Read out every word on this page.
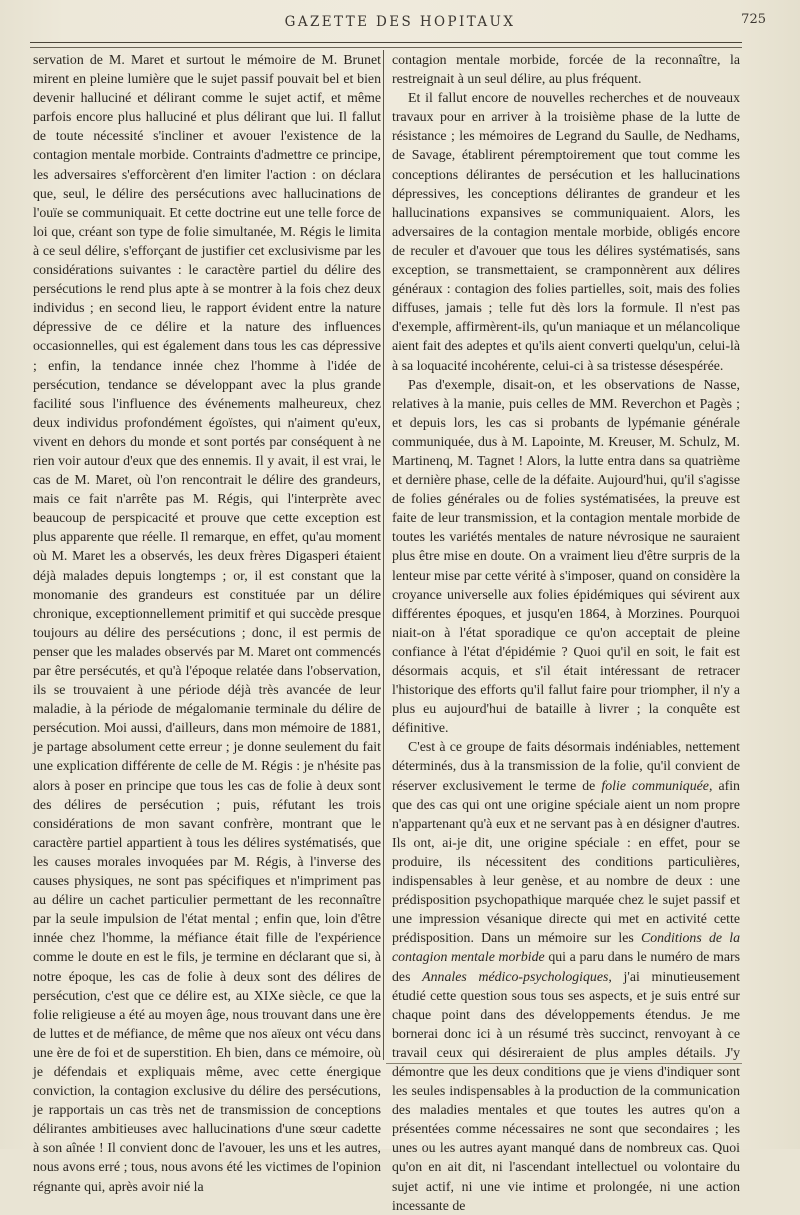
GAZETTE DES HOPITAUX	725

servation de M. Maret et surtout le mémoire de M. Brunet mirent en pleine lumière que le sujet passif pouvait bel et bien devenir halluciné et délirant comme le sujet actif, et même parfois encore plus halluciné et plus délirant que lui. Il fallut de toute nécessité s'incliner et avouer l'existence de la contagion mentale morbide. Contraints d'admettre ce principe, les adversaires s'efforcèrent d'en limiter l'action : on déclara que, seul, le délire des persécutions avec hallucinations de l'ouïe se communiquait. Et cette doctrine eut une telle force de loi que, créant son type de folie simultanée, M. Régis le limita à ce seul délire, s'efforçant de justifier cet exclusivisme par les considérations suivantes : le caractère partiel du délire des persécutions le rend plus apte à se montrer à la fois chez deux individus ; en second lieu, le rapport évident entre la nature dépressive de ce délire et la nature des influences occasionnelles, qui est également dans tous les cas dépressive ; enfin, la tendance innée chez l'homme à l'idée de persécution, tendance se développant avec la plus grande facilité sous l'influence des événements malheureux, chez deux individus profondément égoïstes, qui n'aiment qu'eux, vivent en dehors du monde et sont portés par conséquent à ne rien voir autour d'eux que des ennemis. Il y avait, il est vrai, le cas de M. Maret, où l'on rencontrait le délire des grandeurs, mais ce fait n'arrête pas M. Régis, qui l'interprète avec beaucoup de perspicacité et prouve que cette exception est plus apparente que réelle. Il remarque, en effet, qu'au moment où M. Maret les a observés, les deux frères Digasperi étaient déjà malades depuis longtemps ; or, il est constant que la monomanie des grandeurs est constituée par un délire chronique, exceptionnellement primitif et qui succède presque toujours au délire des persécutions ; donc, il est permis de penser que les malades observés par M. Maret ont commencés par être persécutés, et qu'à l'époque relatée dans l'observation, ils se trouvaient à une période déjà très avancée de leur maladie, à la période de mégalomanie terminale du délire de persécution. Moi aussi, d'ailleurs, dans mon mémoire de 1881, je partage absolument cette erreur ; je donne seulement du fait une explication différente de celle de M. Régis : je n'hésite pas alors à poser en principe que tous les cas de folie à deux sont des délires de persécution ; puis, réfutant les trois considérations de mon savant confrère, montrant que le caractère partiel appartient à tous les délires systématisés, que les causes morales invoquées par M. Régis, à l'inverse des causes physiques, ne sont pas spécifiques et n'impriment pas au délire un cachet particulier permettant de les reconnaître par la seule impulsion de l'état mental ; enfin que, loin d'être innée chez l'homme, la méfiance était fille de l'expérience comme le doute en est le fils, je termine en déclarant que si, à notre époque, les cas de folie à deux sont des délires de persécution, c'est que ce délire est, au XIXe siècle, ce que la folie religieuse a été au moyen âge, nous trouvant dans une ère de luttes et de méfiance, de même que nos aïeux ont vécu dans une ère de foi et de superstition. Eh bien, dans ce mémoire, où je défendais et expliquais même, avec cette énergique conviction, la contagion exclusive du délire des persécutions, je rapportais un cas très net de transmission de conceptions délirantes ambitieuses avec hallucinations d'une sœur cadette à son aînée ! Il convient donc de l'avouer, les uns et les autres, nous avons erré ; tous, nous avons été les victimes de l'opinion régnante qui, après avoir nié la

contagion mentale morbide, forcée de la reconnaître, la restreignait à un seul délire, au plus fréquent.

Et il fallut encore de nouvelles recherches et de nouveaux travaux pour en arriver à la troisième phase de la lutte de résistance ; les mémoires de Legrand du Saulle, de Nedhams, de Savage, établirent péremptoirement que tout comme les conceptions délirantes de persécution et les hallucinations dépressives, les conceptions délirantes de grandeur et les hallucinations expansives se communiquaient. Alors, les adversaires de la contagion mentale morbide, obligés encore de reculer et d'avouer que tous les délires systématisés, sans exception, se transmettaient, se cramponnèrent aux délires généraux : contagion des folies partielles, soit, mais des folies diffuses, jamais ; telle fut dès lors la formule. Il n'est pas d'exemple, affirmèrent-ils, qu'un maniaque et un mélancolique aient fait des adeptes et qu'ils aient converti quelqu'un, celui-là à sa loquacité incohérente, celui-ci à sa tristesse désespérée.

Pas d'exemple, disait-on, et les observations de Nasse, relatives à la manie, puis celles de MM. Reverchon et Pagès ; et depuis lors, les cas si probants de lypémanie générale communiquée, dus à M. Lapointe, M. Kreuser, M. Schulz, M. Martinenq, M. Tagnet ! Alors, la lutte entra dans sa quatrième et dernière phase, celle de la défaite. Aujourd'hui, qu'il s'agisse de folies générales ou de folies systématisées, la preuve est faite de leur transmission, et la contagion mentale morbide de toutes les variétés mentales de nature névrosique ne sauraient plus être mise en doute. On a vraiment lieu d'être surpris de la lenteur mise par cette vérité à s'imposer, quand on considère la croyance universelle aux folies épidémiques qui sévirent aux différentes époques, et jusqu'en 1864, à Morzines. Pourquoi niait-on à l'état sporadique ce qu'on acceptait de pleine confiance à l'état d'épidémie ? Quoi qu'il en soit, le fait est désormais acquis, et s'il était intéressant de retracer l'historique des efforts qu'il fallut faire pour triompher, il n'y a plus eu aujourd'hui de bataille à livrer ; la conquête est définitive.

C'est à ce groupe de faits désormais indéniables, nettement déterminés, dus à la transmission de la folie, qu'il convient de réserver exclusivement le terme de folie communiquée, afin que des cas qui ont une origine spéciale aient un nom propre n'appartenant qu'à eux et ne servant pas à en désigner d'autres. Ils ont, ai-je dit, une origine spéciale : en effet, pour se produire, ils nécessitent des conditions particulières, indispensables à leur genèse, et au nombre de deux : une prédisposition psychopathique marquée chez le sujet passif et une impression vésanique directe qui met en activité cette prédisposition. Dans un mémoire sur les Conditions de la contagion mentale morbide qui a paru dans le numéro de mars des Annales médico-psychologiques, j'ai minutieusement étudié cette question sous tous ses aspects, et je suis entré sur chaque point dans des développements étendus. Je me bornerai donc ici à un résumé très succinct, renvoyant à ce travail ceux qui désireraient de plus amples détails. J'y démontre que les deux conditions que je viens d'indiquer sont les seules indispensables à la production de la communication des maladies mentales et que toutes les autres qu'on a présentées comme nécessaires ne sont que secondaires ; les unes ou les autres ayant manqué dans de nombreux cas. Quoi qu'on en ait dit, ni l'ascendant intellectuel ou volontaire du sujet actif, ni une vie intime et prolongée, ni une action incessante de
